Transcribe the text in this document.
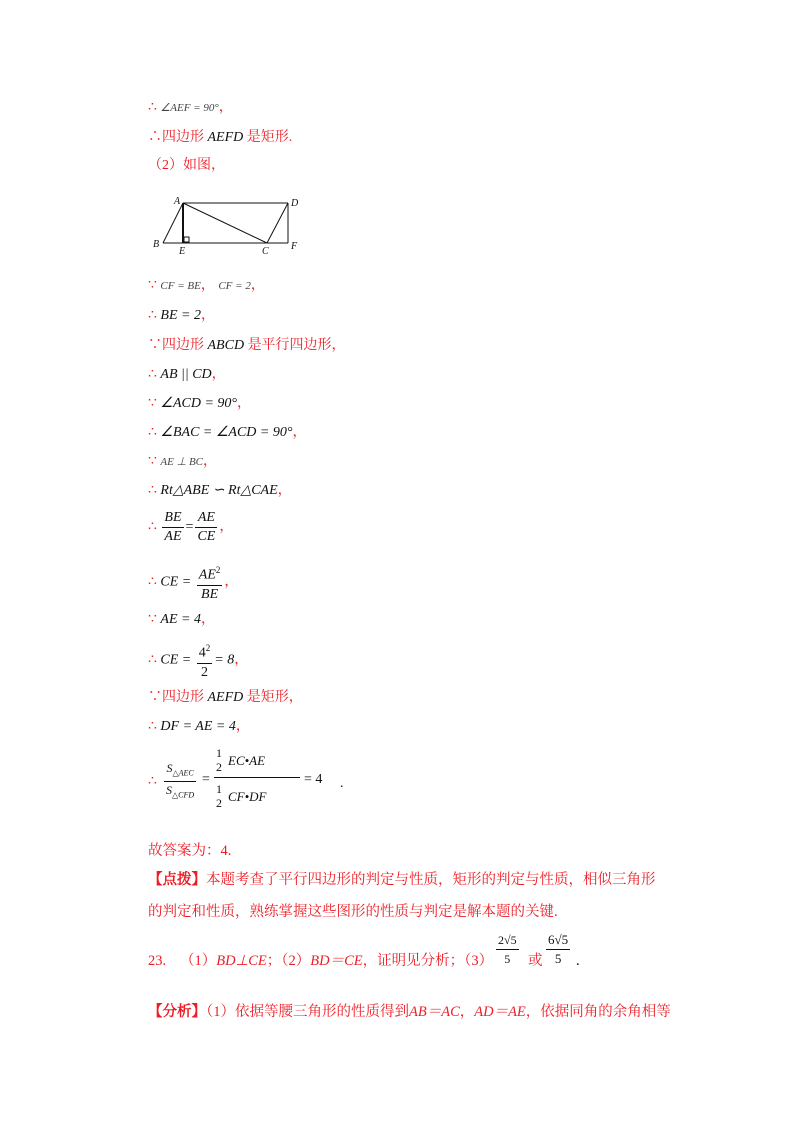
∴ ∠AEF = 90°，
∴四边形 AEFD 是矩形.
（2）如图，
A	D
B
E	C F
∵ CF = BE， CF = 2，
∴ BE = 2，
∵四边形 ABCD 是平行四边形，
∴ AB || CD，
∵ ∠ACD = 90°，
∴ ∠BAC = ∠ACD = 90°，
∵ AE ⊥ BC，
∴ Rt△ABE ∽ Rt△CAE，
∴ $\frac{BE}{AE} = \frac{AE}{CE}$ ，
∴ CE = $\frac{AE^2}{BE}$ ，
∵ AE = 4，
∴ CE = $\frac{4^2}{2} = 8$，
∵四边形 AEFD 是矩形，
∴ DF = AE = 4，
∴
$S_{\triangle AEC}$
$S_{\triangle CFD}$
=
1
2 EC•AE
1
2 CF•DF
= 4 .
故答案为：4.
【点拨】本题考查了平行四边形的判定与性质，矩形的判定与性质，相似三角形的判定和性质，熟练掌握这些图形的性质与判定是解本题的关键.
23. （1）BD⊥CE；（2）BD＝CE，证明见分析；$(3) \frac{2√5}{5}$ 或 $\frac{6√5}{5}$ .
【分析】（1）依据等腰三角形的性质得到AB＝AC，AD＝AE，依据同角的余角相等
